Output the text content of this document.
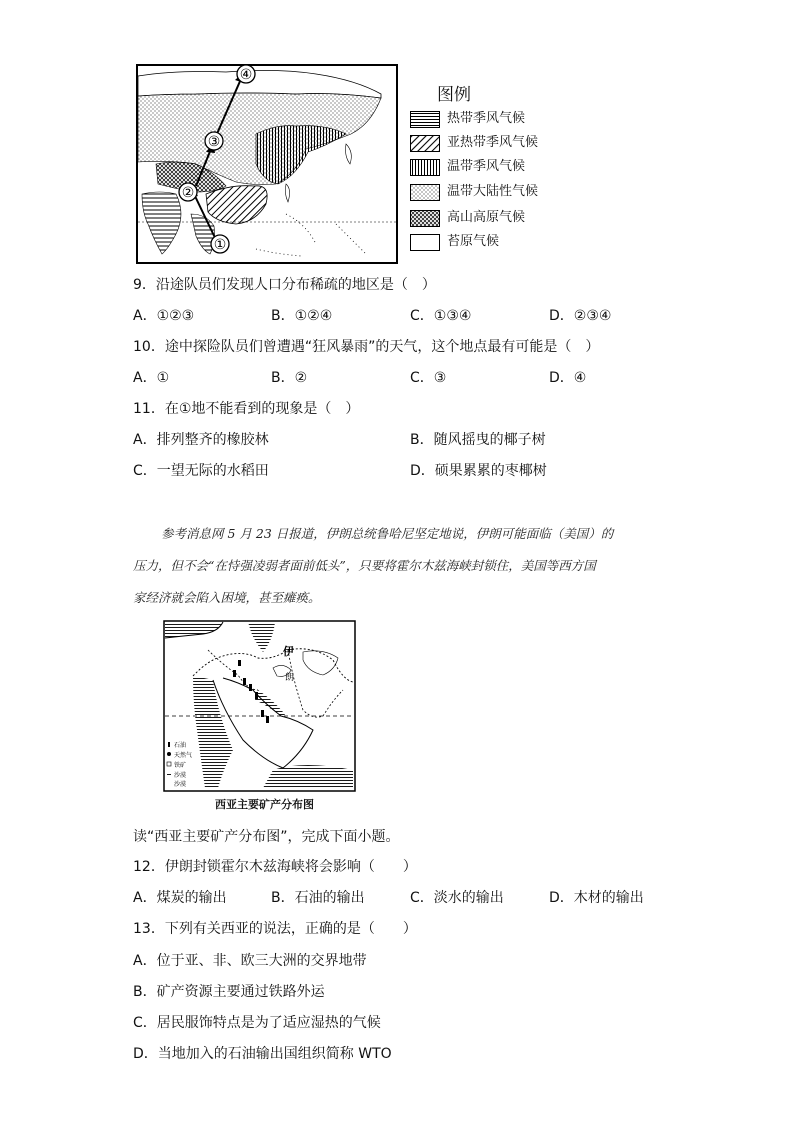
①
②
③
④
图例
热带季风气候
亚热带季风气候
温带季风气候
温带大陆性气候
高山高原气候
苔原气候
9．沿途队员们发现人口分布稀疏的地区是（　）
A．①②③	B．①②④	C．①③④	D．②③④
10．途中探险队员们曾遭遇“狂风暴雨”的天气，这个地点最有可能是（　）
A．①	B．②	C．③	D．④
11．在①地不能看到的现象是（　）
A．排列整齐的橡胶林	B．随风摇曳的椰子树
C．一望无际的水稻田	D．硕果累累的枣椰树
参考消息网 5 月 23 日报道，伊朗总统鲁哈尼坚定地说，伊朗可能面临（美国）的
压力，但不会“在恃强凌弱者面前低头”，只要将霍尔木兹海峡封锁住，美国等西方国
家经济就会陷入困境，甚至瘫痪。
伊
朗
石油
天然气
铁矿
沙漠
沙漠
西亚主要矿产分布图
读“西亚主要矿产分布图”，完成下面小题。
12．伊朗封锁霍尔木兹海峡将会影响（　　）
A．煤炭的输出	B．石油的输出	C．淡水的输出	D．木材的输出
13．下列有关西亚的说法，正确的是（　　）
A．位于亚、非、欧三大洲的交界地带
B．矿产资源主要通过铁路外运
C．居民服饰特点是为了适应湿热的气候
D．当地加入的石油输出国组织简称 WTO
